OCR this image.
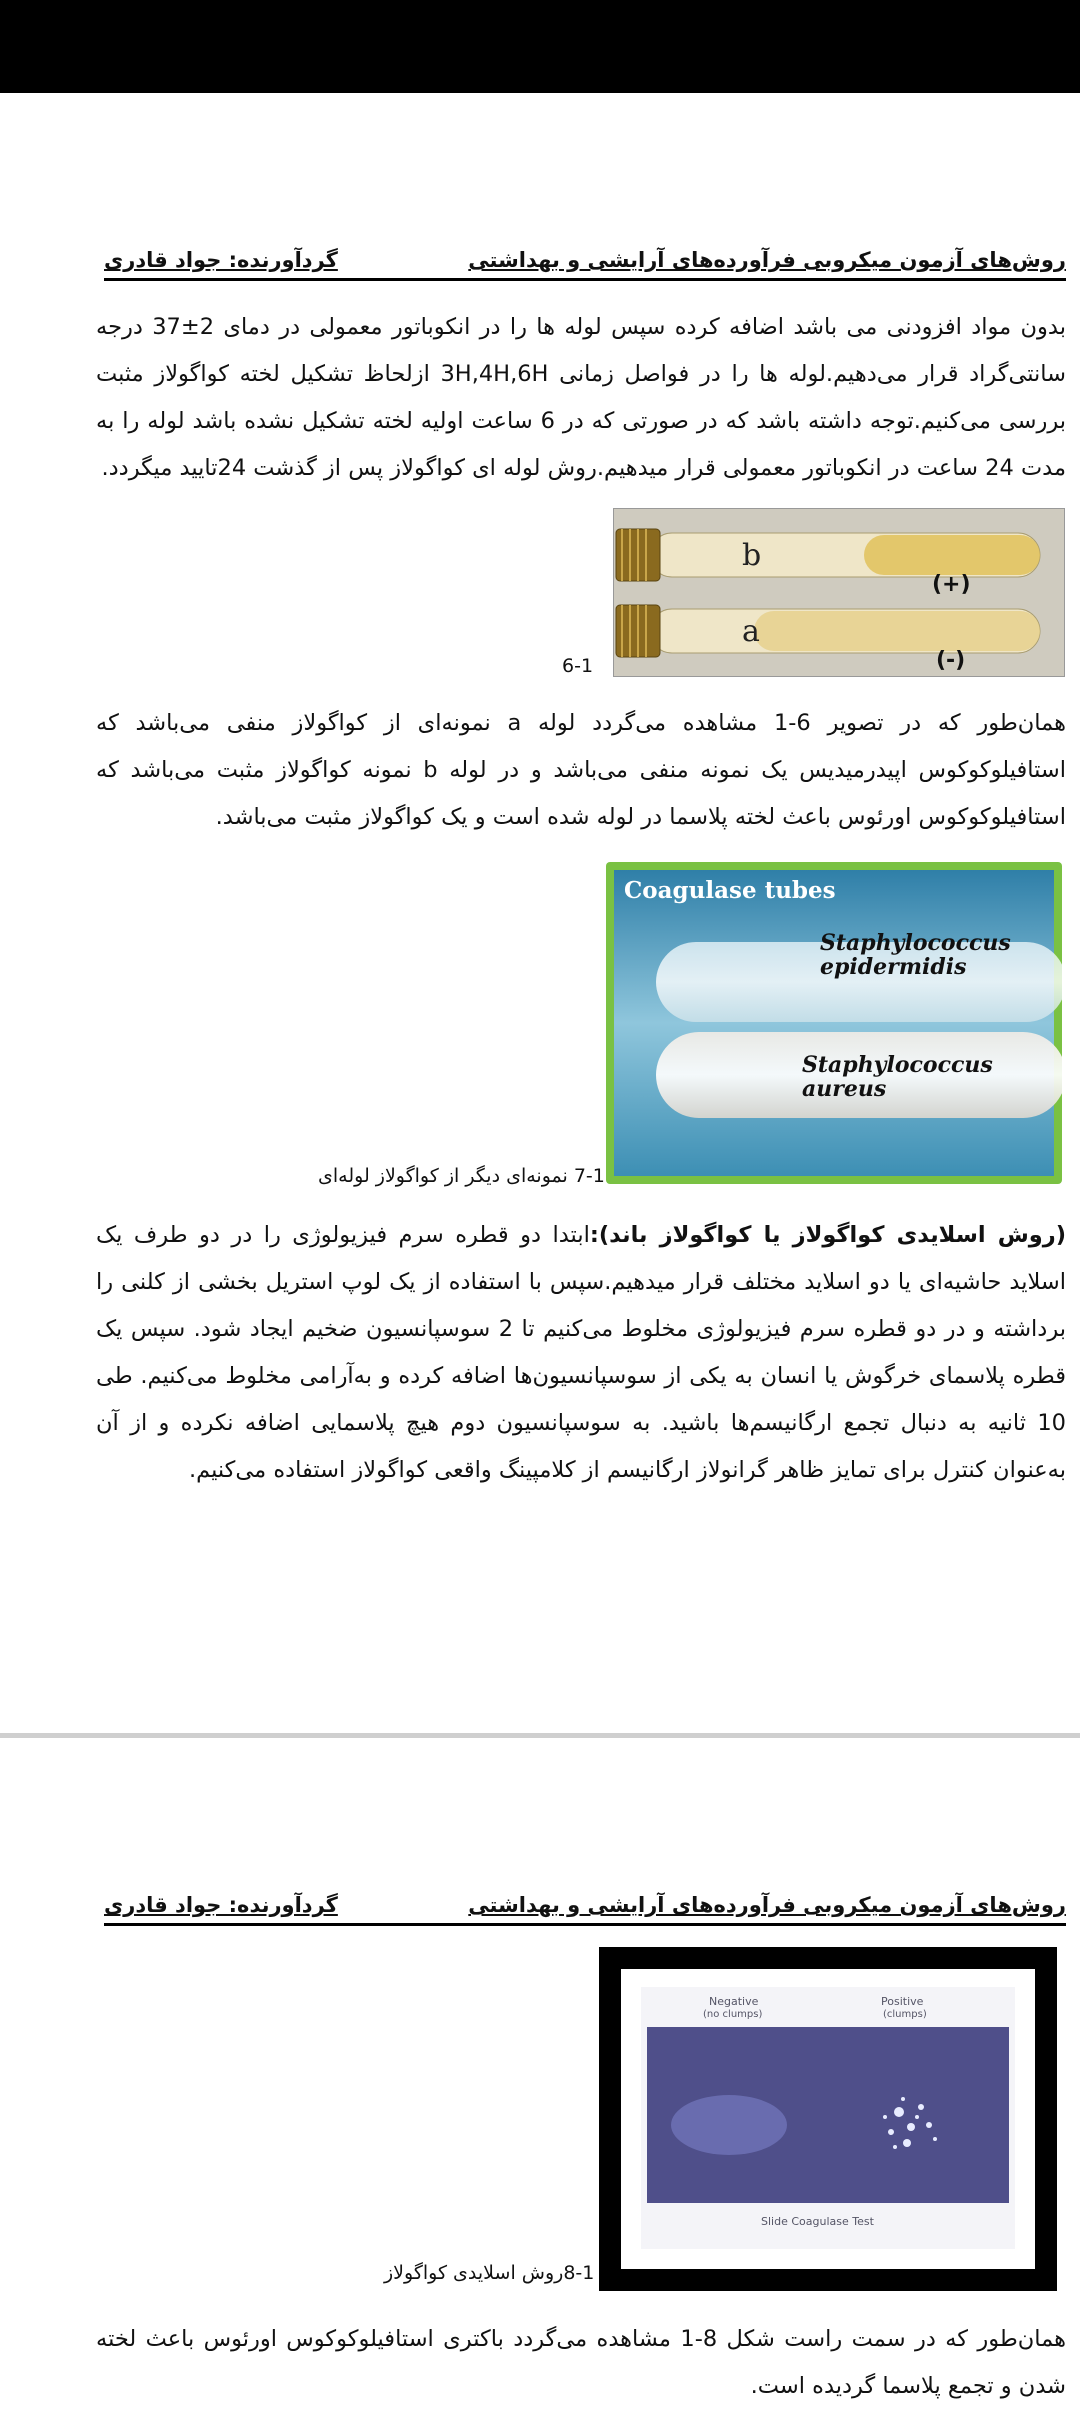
روش‌های آزمون میکروبی فرآورده‌های آرایشی و بهداشتی
گردآورنده: جواد قادری
بدون مواد افزودنی می باشد اضافه کرده سپس لوله ها را در انکوباتور معمولی در دمای 2±37 درجه سانتی‌گراد قرار می‌دهیم.لوله ها را در فواصل زمانی 3H,4H,6H ازلحاظ تشکیل لخته کواگولاز مثبت بررسی می‌کنیم.توجه داشته باشد که در صورتی که در 6 ساعت اولیه لخته تشکیل نشده باشد لوله را به مدت 24 ساعت در انکوباتور معمولی قرار میدهیم.روش لوله ای کواگولاز پس از گذشت 24تایید میگردد.
b
a
(+)
(-)
6-1
همان‌طور که در تصویر 6-1 مشاهده می‌گردد لوله a نمونه‌ای از کواگولاز منفی می‌باشد که استافیلوکوکوس اپیدرمیدیس یک نمونه منفی می‌باشد و در لوله b نمونه کواگولاز مثبت می‌باشد که استافیلوکوکوس اورئوس باعث لخته پلاسما در لوله شده است و یک کواگولاز مثبت می‌باشد.
Coagulase tubes
Staphylococcus
epidermidis
Staphylococcus
aureus
7-1 نمونه‌ای دیگر از کواگولاز لوله‌ای
(روش اسلایدی کواگولاز یا کواگولاز باند):ابتدا دو قطره سرم فیزیولوژی را در دو طرف یک اسلاید حاشیه‌ای یا دو اسلاید مختلف قرار میدهیم.سپس با استفاده از یک لوپ استریل بخشی از کلنی را برداشته و در دو قطره سرم فیزیولوژی مخلوط می‌کنیم تا 2 سوسپانسیون ضخیم ایجاد شود. سپس یک قطره پلاسمای خرگوش یا انسان به یکی از سوسپانسیون‌ها اضافه کرده و به‌آرامی مخلوط می‌کنیم. طی 10 ثانیه به دنبال تجمع ارگانیسم‌ها باشید. به سوسپانسیون دوم هیچ پلاسمایی اضافه نکرده و از آن به‌عنوان کنترل برای تمایز ظاهر گرانولاز ارگانیسم از کلامپینگ واقعی کواگولاز استفاده می‌کنیم.
روش‌های آزمون میکروبی فرآورده‌های آرایشی و بهداشتی
گردآورنده: جواد قادری
Negative
(no clumps)
Positive
(clumps)
Slide Coagulase Test
8-1روش اسلایدی کواگولاز
همان‌طور که در سمت راست شکل 8-1 مشاهده می‌گردد باکتری استافیلوکوکوس اورئوس باعث لخته شدن و تجمع پلاسما گردیده است.
